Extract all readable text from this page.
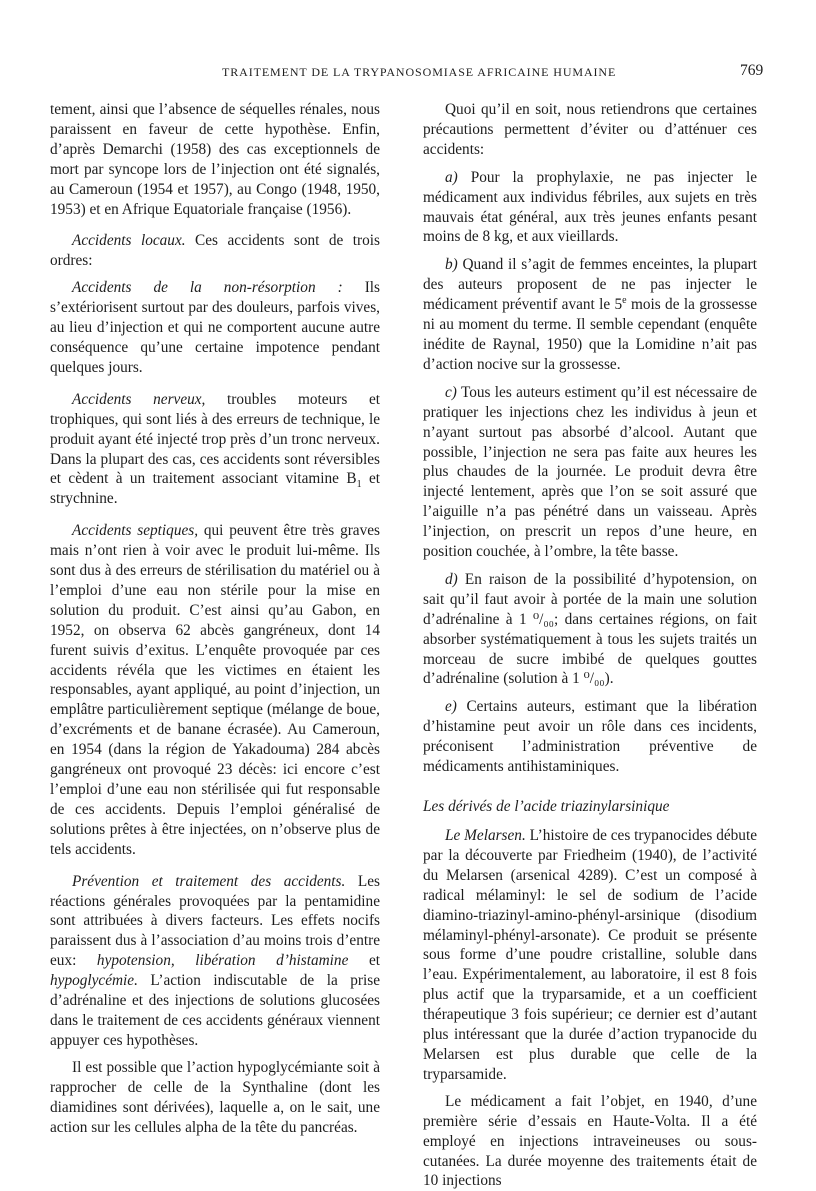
TRAITEMENT DE LA TRYPANOSOMIASE AFRICAINE HUMAINE	769

tement, ainsi que l’absence de séquelles rénales, nous paraissent en faveur de cette hypothèse. Enfin, d’après Demarchi (1958) des cas exceptionnels de mort par syncope lors de l’injection ont été signalés, au Cameroun (1954 et 1957), au Congo (1948, 1950, 1953) et en Afrique Equatoriale française (1956).

Accidents locaux. Ces accidents sont de trois ordres:

Accidents de la non-résorption : Ils s’extériorisent surtout par des douleurs, parfois vives, au lieu d’injection et qui ne comportent aucune autre conséquence qu’une certaine impotence pendant quelques jours.

Accidents nerveux, troubles moteurs et trophiques, qui sont liés à des erreurs de technique, le produit ayant été injecté trop près d’un tronc nerveux. Dans la plupart des cas, ces accidents sont réversibles et cèdent à un traitement associant vitamine $B_1$ et strychnine.

Accidents septiques, qui peuvent être très graves mais n’ont rien à voir avec le produit lui-même. Ils sont dus à des erreurs de stérilisation du matériel ou à l’emploi d’une eau non stérile pour la mise en solution du produit. C’est ainsi qu’au Gabon, en 1952, on observa 62 abcès gangréneux, dont 14 furent suivis d’exitus. L’enquête provoquée par ces accidents révéla que les victimes en étaient les responsables, ayant appliqué, au point d’injection, un emplâtre particulièrement septique (mélange de boue, d’excréments et de banane écrasée). Au Cameroun, en 1954 (dans la région de Yakadouma) 284 abcès gangréneux ont provoqué 23 décès: ici encore c’est l’emploi d’une eau non stérilisée qui fut responsable de ces accidents. Depuis l’emploi généralisé de solutions prêtes à être injectées, on n’observe plus de tels accidents.

Prévention et traitement des accidents. Les réactions générales provoquées par la pentamidine sont attribuées à divers facteurs. Les effets nocifs paraissent dus à l’association d’au moins trois d’entre eux: hypotension, libération d’histamine et hypoglycémie. L’action indiscutable de la prise d’adrénaline et des injections de solutions glucosées dans le traitement de ces accidents généraux viennent appuyer ces hypothèses.

Il est possible que l’action hypoglycémiante soit à rapprocher de celle de la Synthaline (dont les diamidines sont dérivées), laquelle a, on le sait, une action sur les cellules alpha de la tête du pancréas.

Quoi qu’il en soit, nous retiendrons que certaines précautions permettent d’éviter ou d’atténuer ces accidents:

a) Pour la prophylaxie, ne pas injecter le médicament aux individus fébriles, aux sujets en très mauvais état général, aux très jeunes enfants pesant moins de 8 kg, et aux vieillards.

b) Quand il s’agit de femmes enceintes, la plupart des auteurs proposent de ne pas injecter le médicament préventif avant le 5e mois de la grossesse ni au moment du terme. Il semble cependant (enquête inédite de Raynal, 1950) que la Lomidine n’ait pas d’action nocive sur la grossesse.

c) Tous les auteurs estiment qu’il est nécessaire de pratiquer les injections chez les individus à jeun et n’ayant surtout pas absorbé d’alcool. Autant que possible, l’injection ne sera pas faite aux heures les plus chaudes de la journée. Le produit devra être injecté lentement, après que l’on se soit assuré que l’aiguille n’a pas pénétré dans un vaisseau. Après l’injection, on prescrit un repos d’une heure, en position couchée, à l’ombre, la tête basse.

d) En raison de la possibilité d’hypotension, on sait qu’il faut avoir à portée de la main une solution d’adrénaline à 1 ⁰/₀₀; dans certaines régions, on fait absorber systématiquement à tous les sujets traités un morceau de sucre imbibé de quelques gouttes d’adrénaline (solution à 1 ⁰/₀₀).

e) Certains auteurs, estimant que la libération d’histamine peut avoir un rôle dans ces incidents, préconisent l’administration préventive de médicaments antihistaminiques.

Les dérivés de l’acide triazinylarsinique

Le Melarsen. L’histoire de ces trypanocides débute par la découverte par Friedheim (1940), de l’activité du Melarsen (arsenical 4289). C’est un composé à radical mélaminyl: le sel de sodium de l’acide diamino-triazinyl-amino-phényl-arsinique (disodium mélaminyl-phényl-arsonate). Ce produit se présente sous forme d’une poudre cristalline, soluble dans l’eau. Expérimentalement, au laboratoire, il est 8 fois plus actif que la tryparsamide, et a un coefficient thérapeutique 3 fois supérieur; ce dernier est d’autant plus intéressant que la durée d’action trypanocide du Melarsen est plus durable que celle de la tryparsamide.

Le médicament a fait l’objet, en 1940, d’une première série d’essais en Haute-Volta. Il a été employé en injections intraveineuses ou sous-cutanées. La durée moyenne des traitements était de 10 injections
